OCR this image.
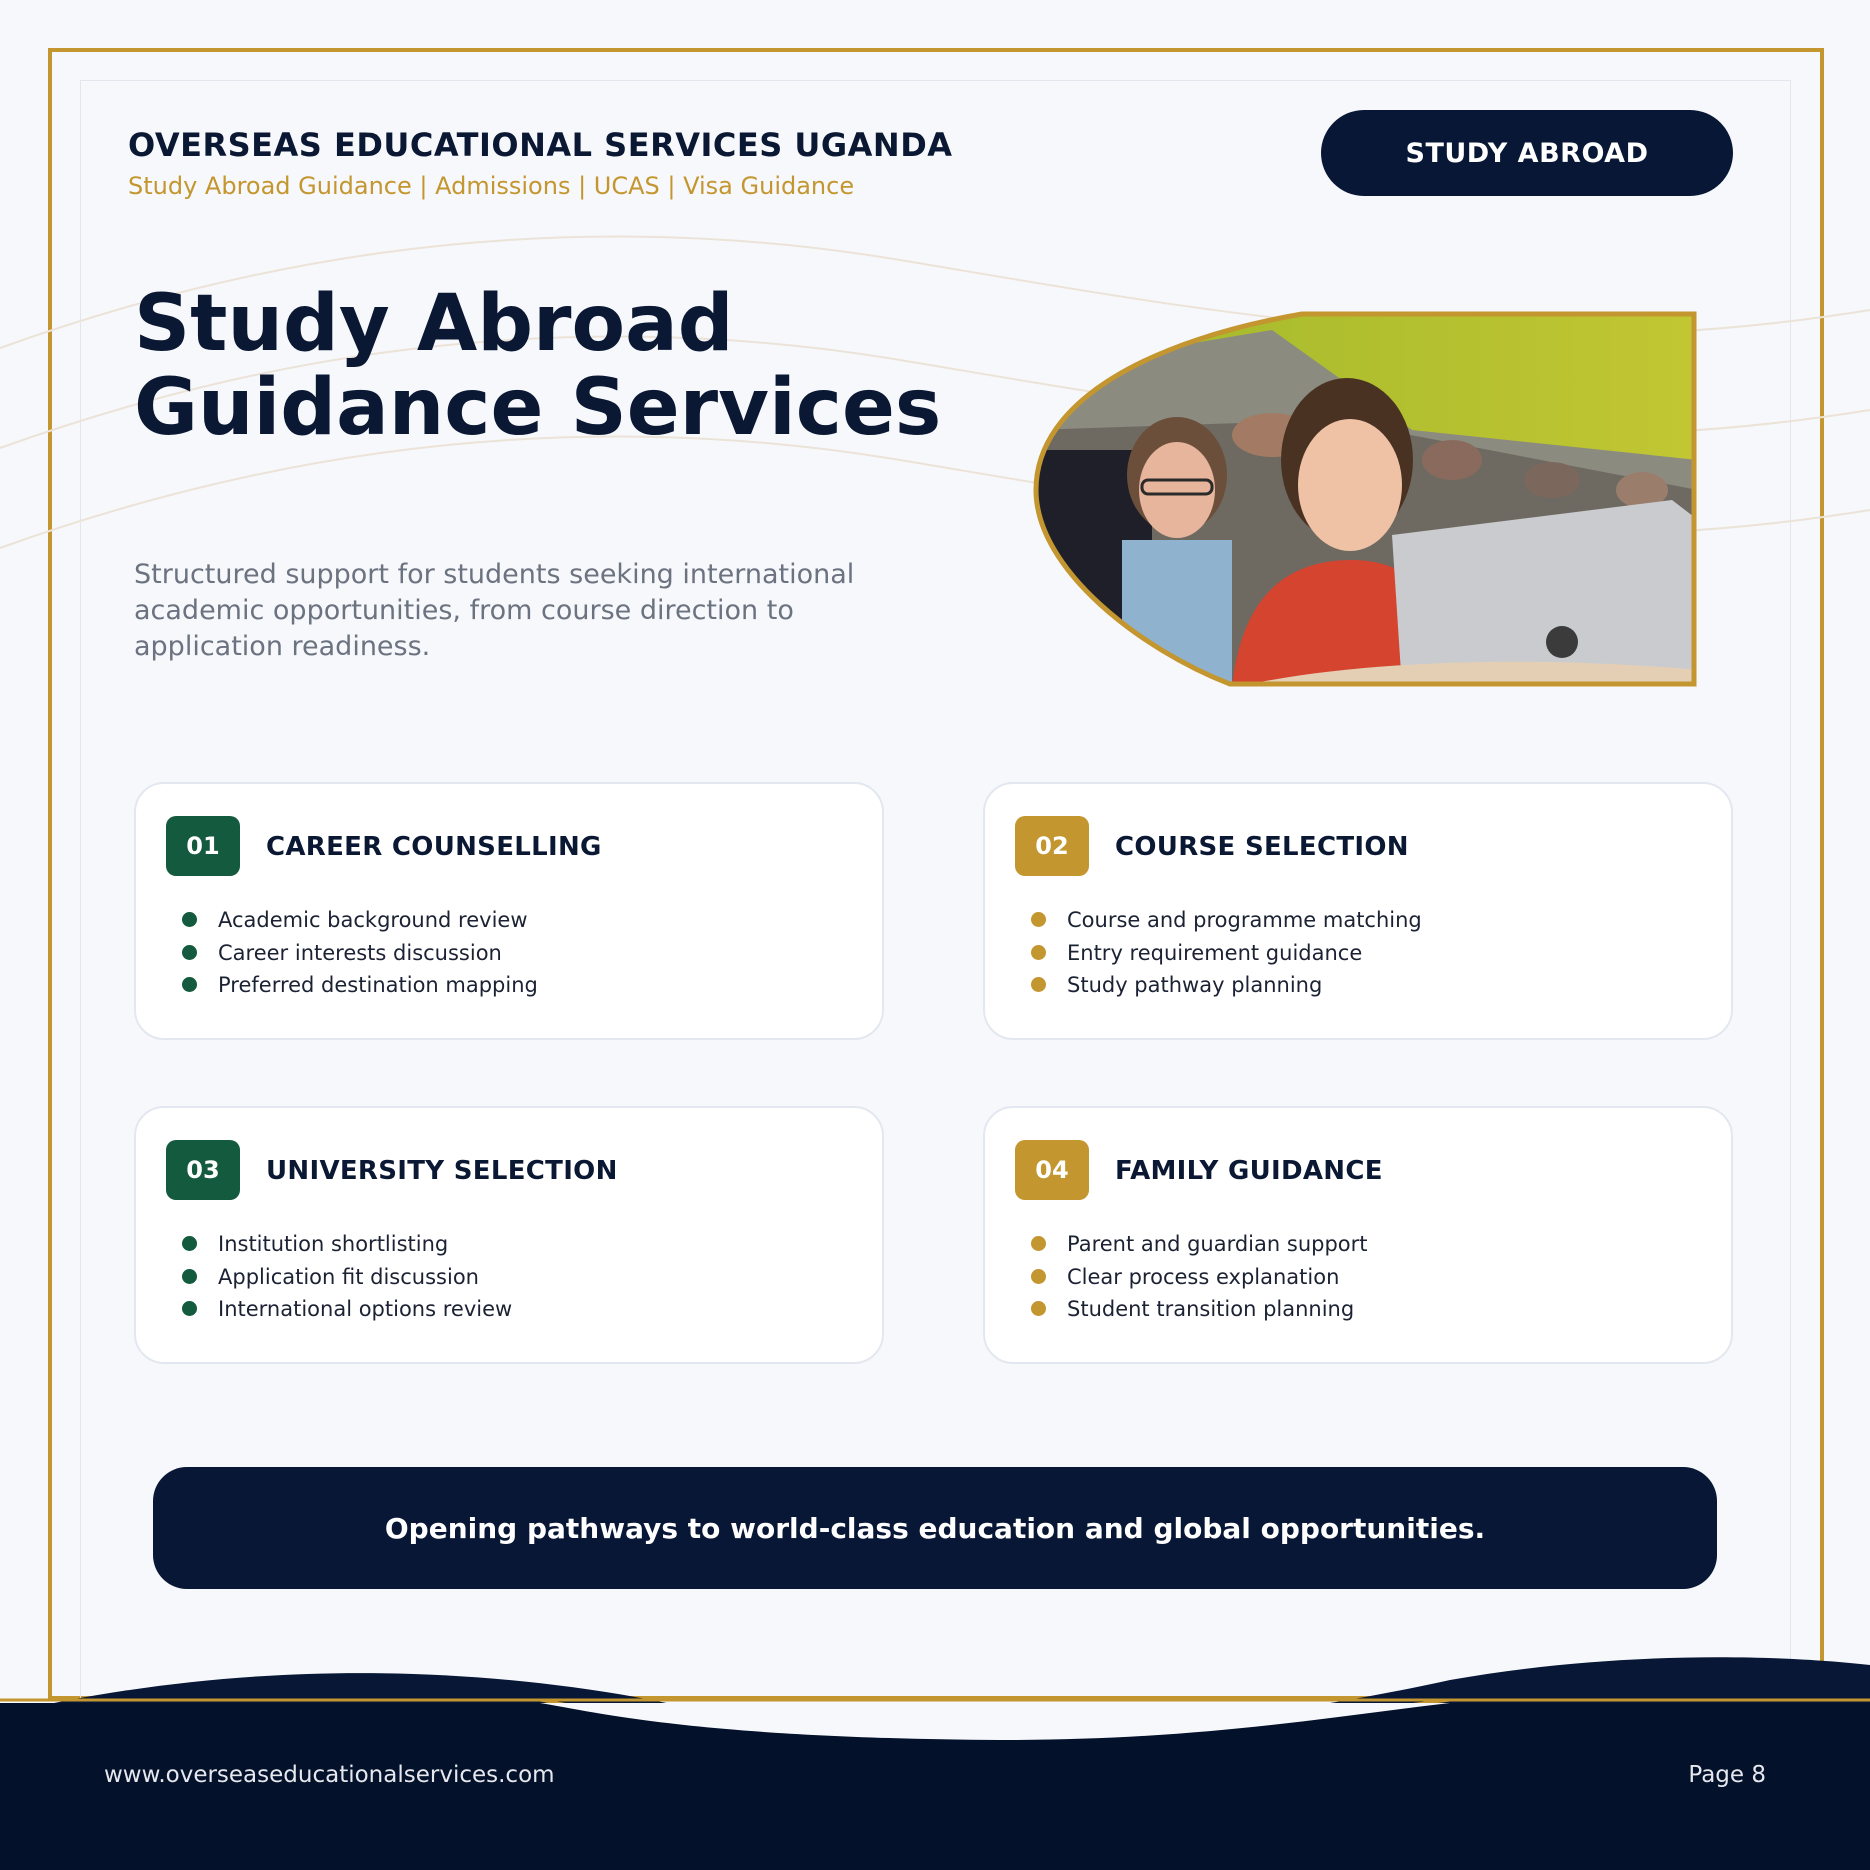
OVERSEAS EDUCATIONAL SERVICES UGANDA
Study Abroad Guidance | Admissions | UCAS | Visa Guidance
STUDY ABROAD
Study Abroad
Guidance Services
Structured support for students seeking international academic opportunities, from course direction to application readiness.
01	CAREER COUNSELLING
Academic background review
Career interests discussion
Preferred destination mapping
02	COURSE SELECTION
Course and programme matching
Entry requirement guidance
Study pathway planning
03	UNIVERSITY SELECTION
Institution shortlisting
Application fit discussion
International options review
04	FAMILY GUIDANCE
Parent and guardian support
Clear process explanation
Student transition planning
Opening pathways to world-class education and global opportunities.
www.overseaseducationalservices.com	Page 8
